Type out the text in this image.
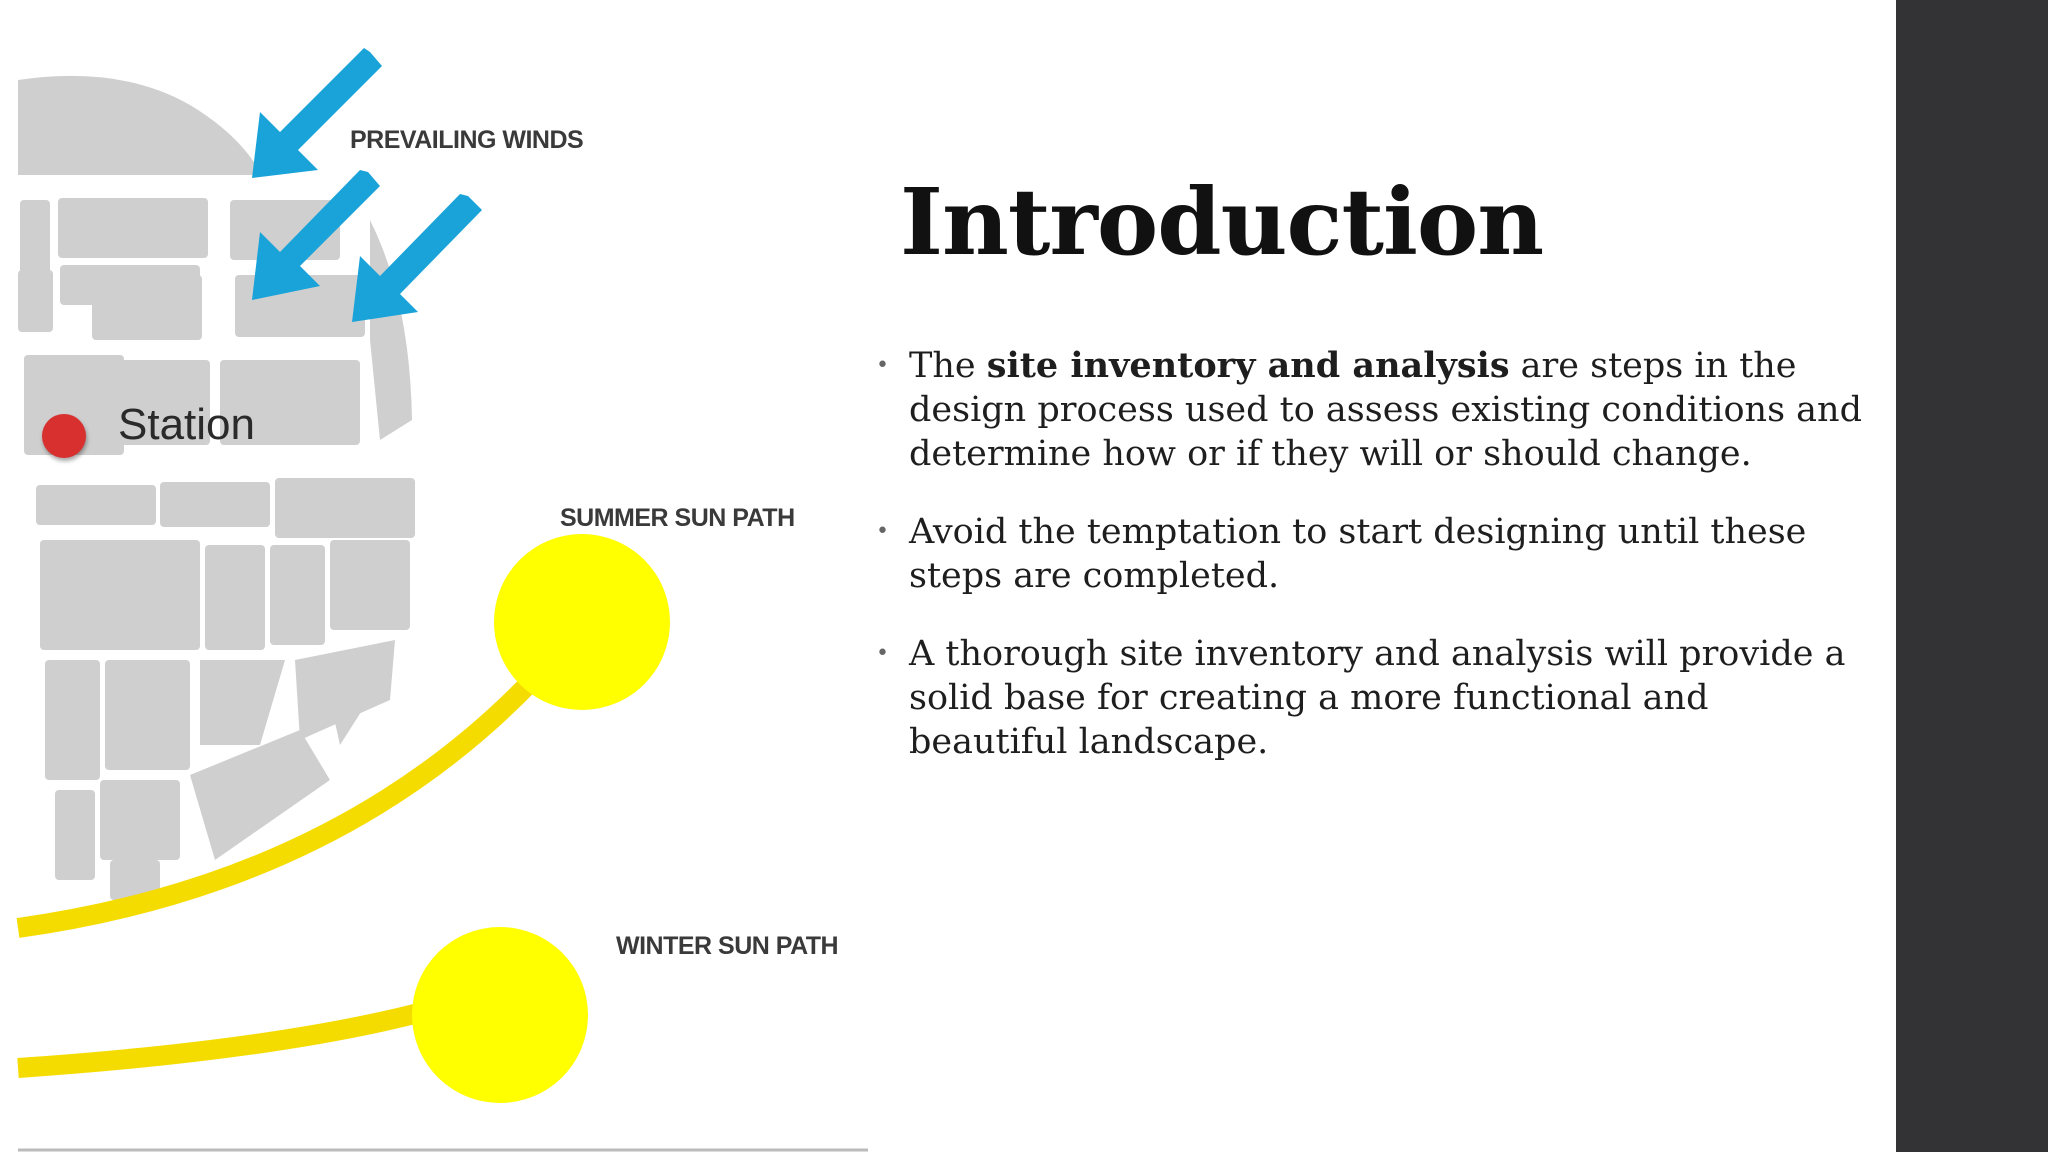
Station
PREVAILING WINDS
SUMMER SUN PATH
WINTER SUN PATH
Introduction
• The site inventory and analysis are steps in the design process used to assess existing conditions and determine how or if they will or should change.
• Avoid the temptation to start designing until these steps are completed.
• A thorough site inventory and analysis will provide a solid base for creating a more functional and beautiful landscape.
